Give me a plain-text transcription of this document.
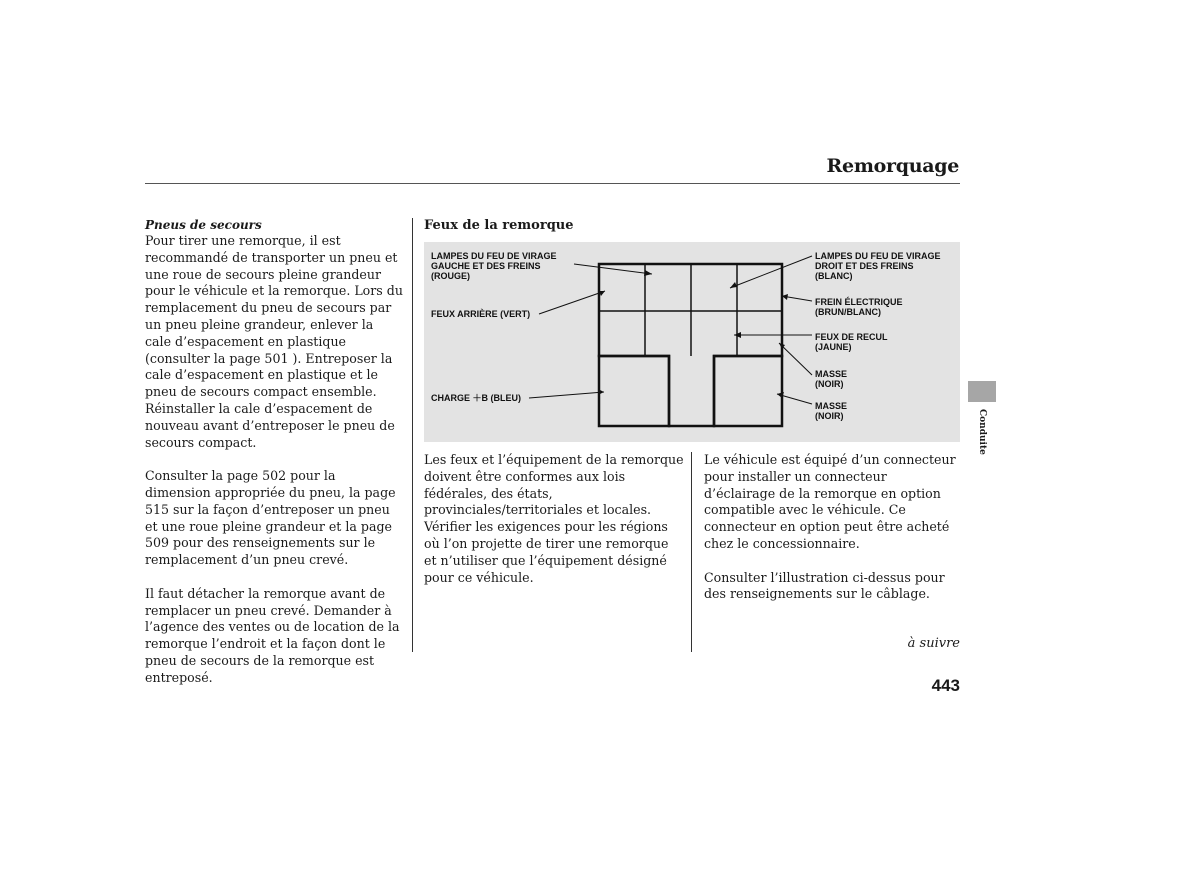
Remorquage
Pneus de secours

Pour tirer une remorque, il est recommandé de transporter un pneu et une roue de secours pleine grandeur pour le véhicule et la remorque. Lors du remplacement du pneu de secours par un pneu pleine grandeur, enlever la cale d’espacement en plastique (consulter la page 501 ). Entreposer la cale d’espacement en plastique et le pneu de secours compact ensemble. Réinstaller la cale d’espacement de nouveau avant d’entreposer le pneu de secours compact.

Consulter la page 502 pour la dimension appropriée du pneu, la page 515 sur la façon d’entreposer un pneu et une roue pleine grandeur et la page 509 pour des renseignements sur le remplacement d’un pneu crevé.

Il faut détacher la remorque avant de remplacer un pneu crevé. Demander à l’agence des ventes ou de location de la remorque l’endroit et la façon dont le pneu de secours de la remorque est entreposé.

Feux de la remorque
LAMPES DU FEU DE VIRAGE
GAUCHE ET DES FREINS
(ROUGE)
FEUX ARRIÈRE (VERT)
CHARGE ＋B (BLEU)
LAMPES DU FEU DE VIRAGE
DROIT ET DES FREINS
(BLANC)
FREIN ÉLECTRIQUE
(BRUN/BLANC)
FEUX DE RECUL
(JAUNE)
MASSE
(NOIR)
MASSE
(NOIR)

Les feux et l’équipement de la remorque doivent être conformes aux lois fédérales, des états, provinciales/territoriales et locales. Vérifier les exigences pour les régions où l’on projette de tirer une remorque et n’utiliser que l’équipement désigné pour ce véhicule.

Le véhicule est équipé d’un connecteur pour installer un connecteur d’éclairage de la remorque en option compatible avec le véhicule. Ce connecteur en option peut être acheté chez le concessionnaire.

Consulter l’illustration ci-dessus pour des renseignements sur le câblage.

Conduite
à suivre
443
